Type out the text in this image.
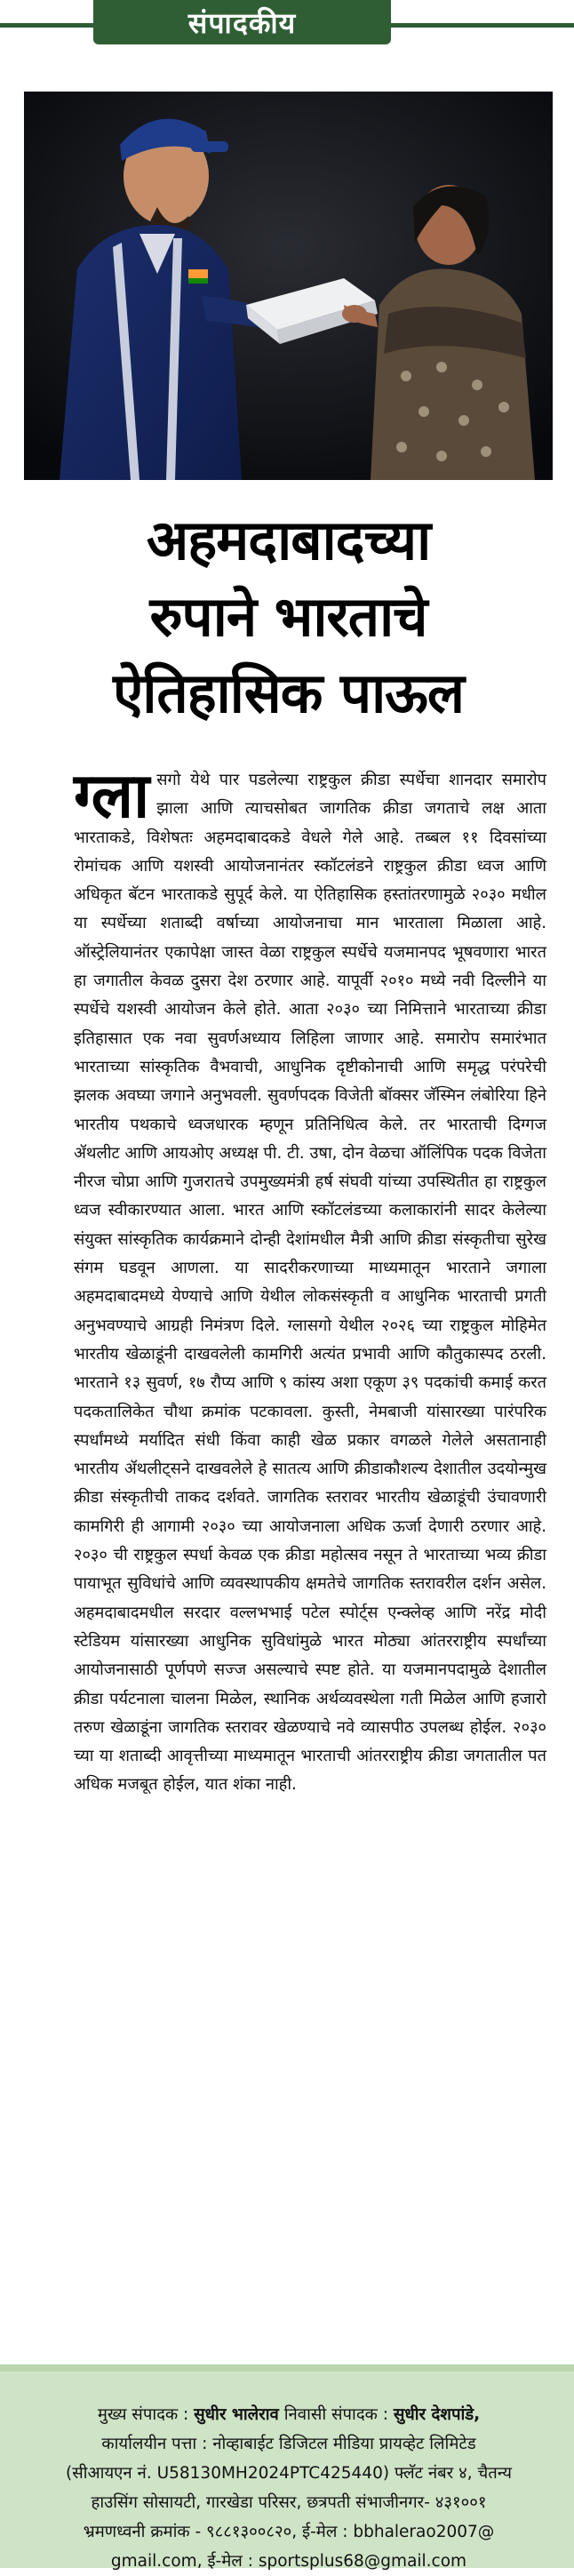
संपादकीय
अहमदाबादच्या
रुपाने भारताचे
ऐतिहासिक पाऊल
ग्ला सगो येथे पार पडलेल्या राष्ट्रकुल क्रीडा स्पर्धेचा शानदार समारोप झाला आणि त्याचसोबत जागतिक क्रीडा जगताचे लक्ष आता भारताकडे, विशेषतः अहमदाबादकडे वेधले गेले आहे. तब्बल ११ दिवसांच्या रोमांचक आणि यशस्वी आयोजनानंतर स्कॉटलंडने राष्ट्रकुल क्रीडा ध्वज आणि अधिकृत बॅटन भारताकडे सुपूर्द केले. या ऐतिहासिक हस्तांतरणामुळे २०३० मधील या स्पर्धेच्या शताब्दी वर्षाच्या आयोजनाचा मान भारताला मिळाला आहे. ऑस्ट्रेलियानंतर एकापेक्षा जास्त वेळा राष्ट्रकुल स्पर्धेचे यजमानपद भूषवणारा भारत हा जगातील केवळ दुसरा देश ठरणार आहे. यापूर्वी २०१० मध्ये नवी दिल्लीने या स्पर्धेचे यशस्वी आयोजन केले होते. आता २०३० च्या निमित्ताने भारताच्या क्रीडा इतिहासात एक नवा सुवर्णअध्याय लिहिला जाणार आहे. समारोप समारंभात भारताच्या सांस्कृतिक वैभवाची, आधुनिक दृष्टीकोनाची आणि समृद्ध परंपरेची झलक अवघ्या जगाने अनुभवली. सुवर्णपदक विजेती बॉक्सर जॅस्मिन लंबोरिया हिने भारतीय पथकाचे ध्वजधारक म्हणून प्रतिनिधित्व केले. तर भारताची दिग्गज ॲथलीट आणि आयओए अध्यक्ष पी. टी. उषा, दोन वेळचा ऑलिंपिक पदक विजेता नीरज चोप्रा आणि गुजरातचे उपमुख्यमंत्री हर्ष संघवी यांच्या उपस्थितीत हा राष्ट्रकुल ध्वज स्वीकारण्यात आला. भारत आणि स्कॉटलंडच्या कलाकारांनी सादर केलेल्या संयुक्त सांस्कृतिक कार्यक्रमाने दोन्ही देशांमधील मैत्री आणि क्रीडा संस्कृतीचा सुरेख संगम घडवून आणला. या सादरीकरणाच्या माध्यमातून भारताने जगाला अहमदाबादमध्ये येण्याचे आणि येथील लोकसंस्कृती व आधुनिक भारताची प्रगती अनुभवण्याचे आग्रही निमंत्रण दिले. ग्लासगो येथील २०२६ च्या राष्ट्रकुल मोहिमेत भारतीय खेळाडूंनी दाखवलेली कामगिरी अत्यंत प्रभावी आणि कौतुकास्पद ठरली. भारताने १३ सुवर्ण, १७ रौप्य आणि ९ कांस्य अशा एकूण ३९ पदकांची कमाई करत पदकतालिकेत चौथा क्रमांक पटकावला. कुस्ती, नेमबाजी यांसारख्या पारंपरिक स्पर्धांमध्ये मर्यादित संधी किंवा काही खेळ प्रकार वगळले गेलेले असतानाही भारतीय ॲथलीट्सने दाखवलेले हे सातत्य आणि क्रीडाकौशल्य देशातील उदयोन्मुख क्रीडा संस्कृतीची ताकद दर्शवते. जागतिक स्तरावर भारतीय खेळाडूंची उंचावणारी कामगिरी ही आगामी २०३० च्या आयोजनाला अधिक ऊर्जा देणारी ठरणार आहे. २०३० ची राष्ट्रकुल स्पर्धा केवळ एक क्रीडा महोत्सव नसून ते भारताच्या भव्य क्रीडा पायाभूत सुविधांचे आणि व्यवस्थापकीय क्षमतेचे जागतिक स्तरावरील दर्शन असेल. अहमदाबादमधील सरदार वल्लभभाई पटेल स्पोर्ट्स एन्क्लेव्ह आणि नरेंद्र मोदी स्टेडियम यांसारख्या आधुनिक सुविधांमुळे भारत मोठ्या आंतरराष्ट्रीय स्पर्धांच्या आयोजनासाठी पूर्णपणे सज्ज असल्याचे स्पष्ट होते. या यजमानपदामुळे देशातील क्रीडा पर्यटनाला चालना मिळेल, स्थानिक अर्थव्यवस्थेला गती मिळेल आणि हजारो तरुण खेळाडूंना जागतिक स्तरावर खेळण्याचे नवे व्यासपीठ उपलब्ध होईल. २०३० च्या या शताब्दी आवृत्तीच्या माध्यमातून भारताची आंतरराष्ट्रीय क्रीडा जगतातील पत अधिक मजबूत होईल, यात शंका नाही.
मुख्य संपादक : सुधीर भालेराव निवासी संपादक : सुधीर देशपांडे,
कार्यालयीन पत्ता : नोव्हाबाईट डिजिटल मीडिया प्रायव्हेट लिमिटेड
(सीआयएन नं. U58130MH2024PTC425440) फ्लॅट नंबर ४, चैतन्य
हाउसिंग सोसायटी, गारखेडा परिसर, छत्रपती संभाजीनगर- ४३१००१
भ्रमणध्वनी क्रमांक - ९८८१३००८२०, ई-मेल : bbhalerao2007@
gmail.com, ई-मेल : sportsplus68@gmail.com
